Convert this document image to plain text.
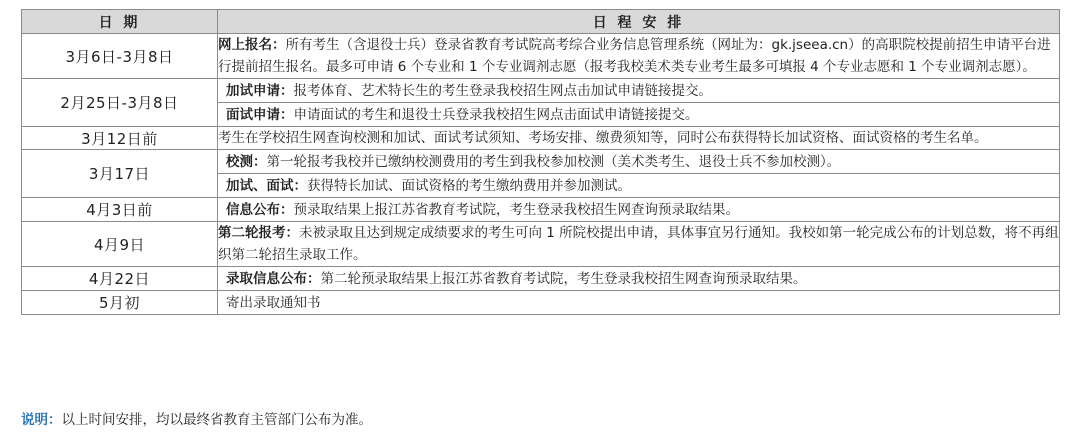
日 期	日 程 安 排
3月6日-3月8日	网上报名：所有考生（含退役士兵）登录省教育考试院高考综合业务信息管理系统（网址为：gk.jseea.cn）的高职院校提前招生申请平台进行提前招生报名。最多可申请 6 个专业和 1 个专业调剂志愿（报考我校美术类专业考生最多可填报 4 个专业志愿和 1 个专业调剂志愿）。
2月25日-3月8日	加试申请：报考体育、艺术特长生的考生登录我校招生网点击加试申请链接提交。
	面试申请：申请面试的考生和退役士兵登录我校招生网点击面试申请链接提交。
3月12日前	考生在学校招生网查询校测和加试、面试考试须知、考场安排、缴费须知等，同时公布获得特长加试资格、面试资格的考生名单。
3月17日	校测：第一轮报考我校并已缴纳校测费用的考生到我校参加校测（美术类考生、退役士兵不参加校测）。
	加试、面试：获得特长加试、面试资格的考生缴纳费用并参加测试。
4月3日前	信息公布：预录取结果上报江苏省教育考试院，考生登录我校招生网查询预录取结果。
4月9日	第二轮报考：未被录取且达到规定成绩要求的考生可向 1 所院校提出申请，具体事宜另行通知。我校如第一轮完成公布的计划总数，将不再组织第二轮招生录取工作。
4月22日	录取信息公布：第二轮预录取结果上报江苏省教育考试院，考生登录我校招生网查询预录取结果。
5月初	寄出录取通知书
说明：以上时间安排，均以最终省教育主管部门公布为准。
